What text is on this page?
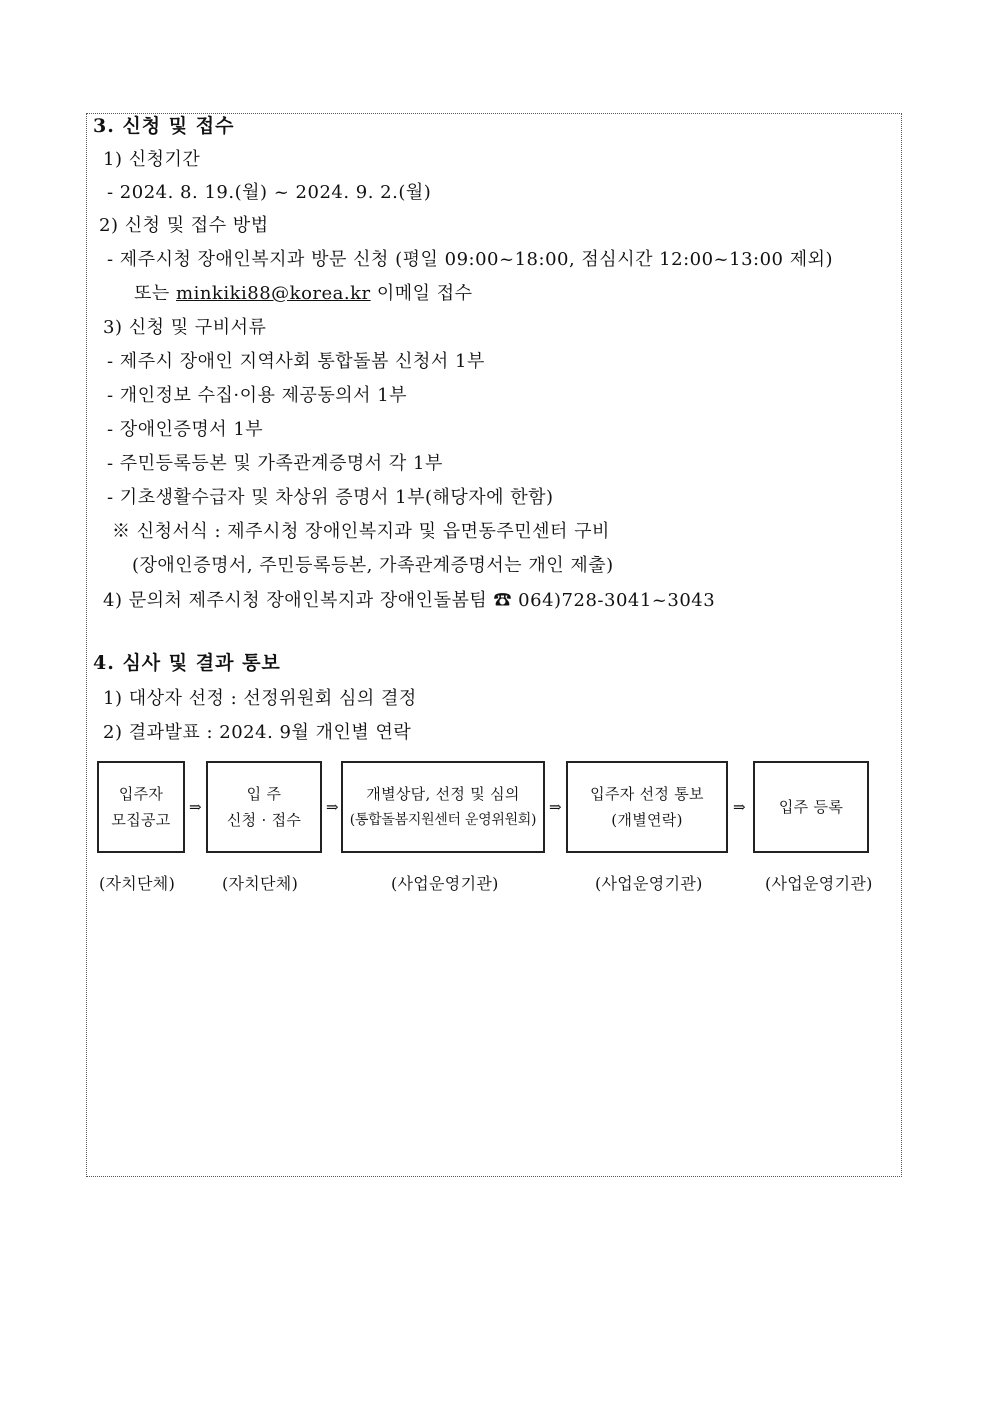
3. 신청 및 접수
1) 신청기간
- 2024. 8. 19.(월) ~ 2024. 9. 2.(월)
2) 신청 및 접수 방법
- 제주시청 장애인복지과 방문 신청 (평일 09:00~18:00, 점심시간 12:00~13:00 제외)
또는 minkiki88@korea.kr 이메일 접수
3) 신청 및 구비서류
- 제주시 장애인 지역사회 통합돌봄 신청서 1부
- 개인정보 수집·이용 제공동의서 1부
- 장애인증명서 1부
- 주민등록등본 및 가족관계증명서 각 1부
- 기초생활수급자 및 차상위 증명서 1부(해당자에 한함)
※ 신청서식 : 제주시청 장애인복지과 및 읍면동주민센터 구비
(장애인증명서, 주민등록등본, 가족관계증명서는 개인 제출)
4) 문의처 제주시청 장애인복지과 장애인돌봄팀 ☎ 064)728-3041~3043
4. 심사 및 결과 통보
1) 대상자 선정 : 선정위원회 심의 결정
2) 결과발표 : 2024. 9월 개인별 연락
입주자
모집공고
⇒
입 주
신청 · 접수
⇒
개별상담, 선정 및 심의
(통합돌봄지원센터 운영위원회)
⇒
입주자 선정 통보
(개별연락)
⇒ 입주 등록
(자치단체)	(자치단체)	(사업운영기관)	(사업운영기관)	(사업운영기관)
